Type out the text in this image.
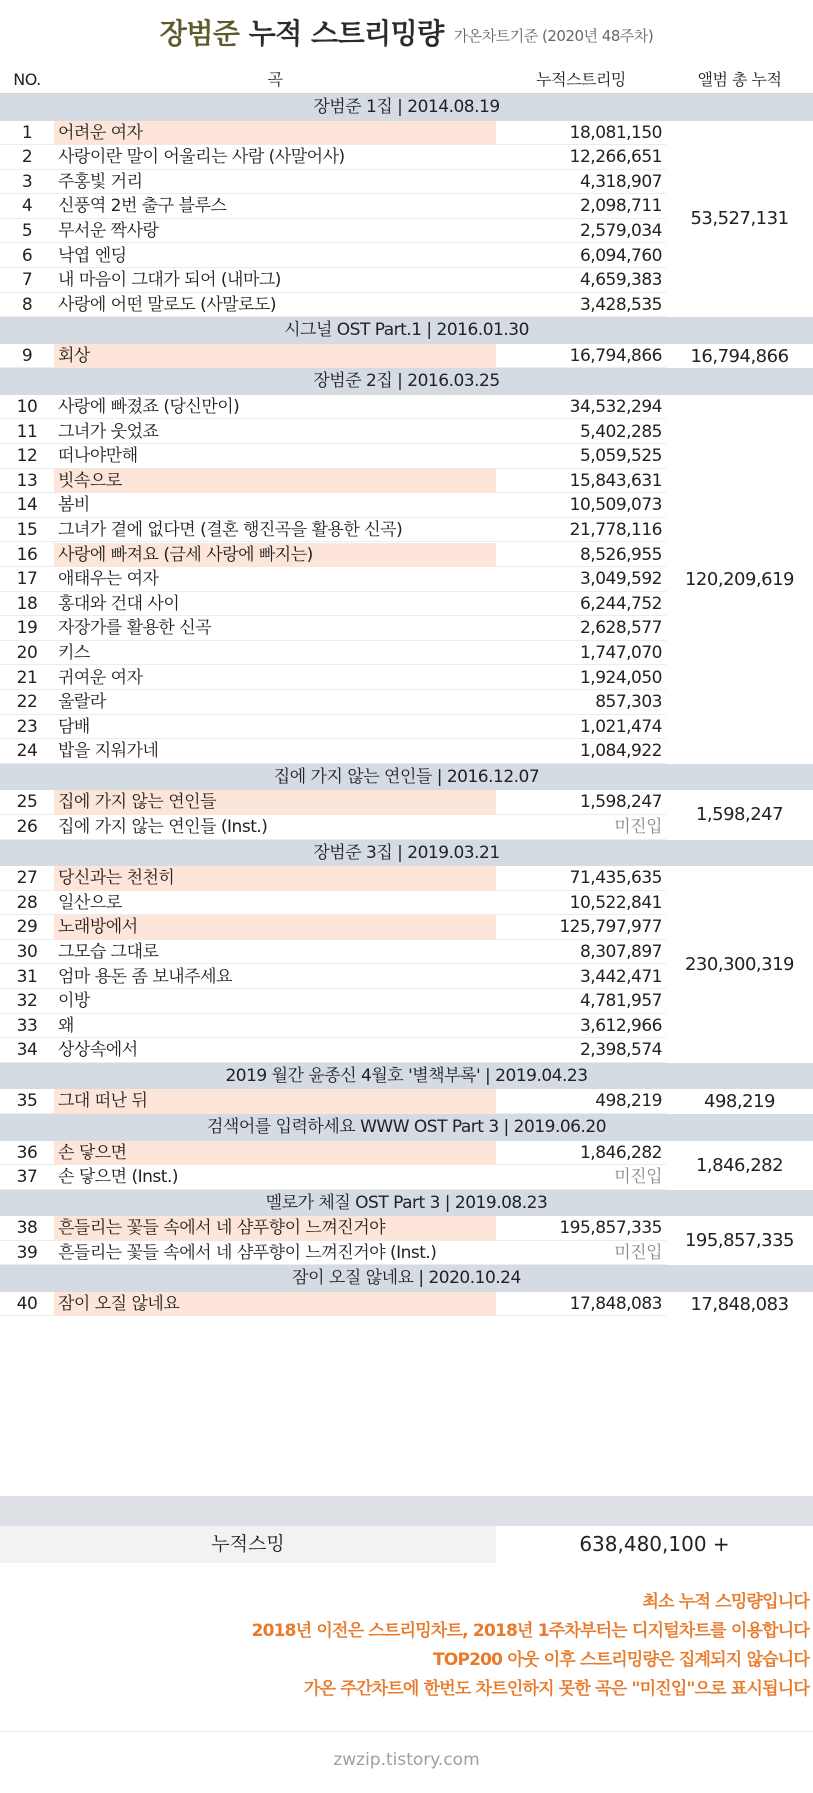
장범준 누적 스트리밍량 가온차트기준 (2020년 48주차)
NO.	곡	누적스트리밍	앨범 총 누적
장범준 1집 | 2014.08.19
1	어려운 여자	18,081,150
2	사랑이란 말이 어울리는 사람 (사말어사)	12,266,651
3	주홍빛 거리	4,318,907
4	신풍역 2번 출구 블루스	2,098,711
5	무서운 짝사랑	2,579,034
6	낙엽 엔딩	6,094,760
7	내 마음이 그대가 되어 (내마그)	4,659,383
8	사랑에 어떤 말로도 (사말로도)	3,428,535
53,527,131
시그널 OST Part.1 | 2016.01.30
9	회상	16,794,866	16,794,866
장범준 2집 | 2016.03.25
10	사랑에 빠졌죠 (당신만이)	34,532,294
11	그녀가 웃었죠	5,402,285
12	떠나야만해	5,059,525
13	빗속으로	15,843,631
14	봄비	10,509,073
15	그녀가 곁에 없다면 (결혼 행진곡을 활용한 신곡)	21,778,116
16	사랑에 빠져요 (금세 사랑에 빠지는)	8,526,955
17	애태우는 여자	3,049,592
18	홍대와 건대 사이	6,244,752
19	자장가를 활용한 신곡	2,628,577
20	키스	1,747,070
21	귀여운 여자	1,924,050
22	울랄라	857,303
23	담배	1,021,474
24	밥을 지워가네	1,084,922
120,209,619
집에 가지 않는 연인들 | 2016.12.07
25	집에 가지 않는 연인들	1,598,247
26	집에 가지 않는 연인들 (Inst.)	미진입
1,598,247
장범준 3집 | 2019.03.21
27	당신과는 천천히	71,435,635
28	일산으로	10,522,841
29	노래방에서	125,797,977
30	그모습 그대로	8,307,897
31	엄마 용돈 좀 보내주세요	3,442,471
32	이방	4,781,957
33	왜	3,612,966
34	상상속에서	2,398,574
230,300,319
2019 월간 윤종신 4월호 '별책부록' | 2019.04.23
35	그대 떠난 뒤	498,219	498,219
검색어를 입력하세요 WWW OST Part 3 | 2019.06.20
36	손 닿으면	1,846,282
37	손 닿으면 (Inst.)	미진입
1,846,282
멜로가 체질 OST Part 3 | 2019.08.23
38	흔들리는 꽃들 속에서 네 샴푸향이 느껴진거야	195,857,335
39	흔들리는 꽃들 속에서 네 샴푸향이 느껴진거야 (Inst.)	미진입
195,857,335
잠이 오질 않네요 | 2020.10.24
40	잠이 오질 않네요	17,848,083	17,848,083
누적스밍	638,480,100 +
최소 누적 스밍량입니다
2018년 이전은 스트리밍차트, 2018년 1주차부터는 디지털차트를 이용합니다
TOP200 아웃 이후 스트리밍량은 집계되지 않습니다
가온 주간차트에 한번도 차트인하지 못한 곡은 "미진입"으로 표시됩니다
zwzip.tistory.com
